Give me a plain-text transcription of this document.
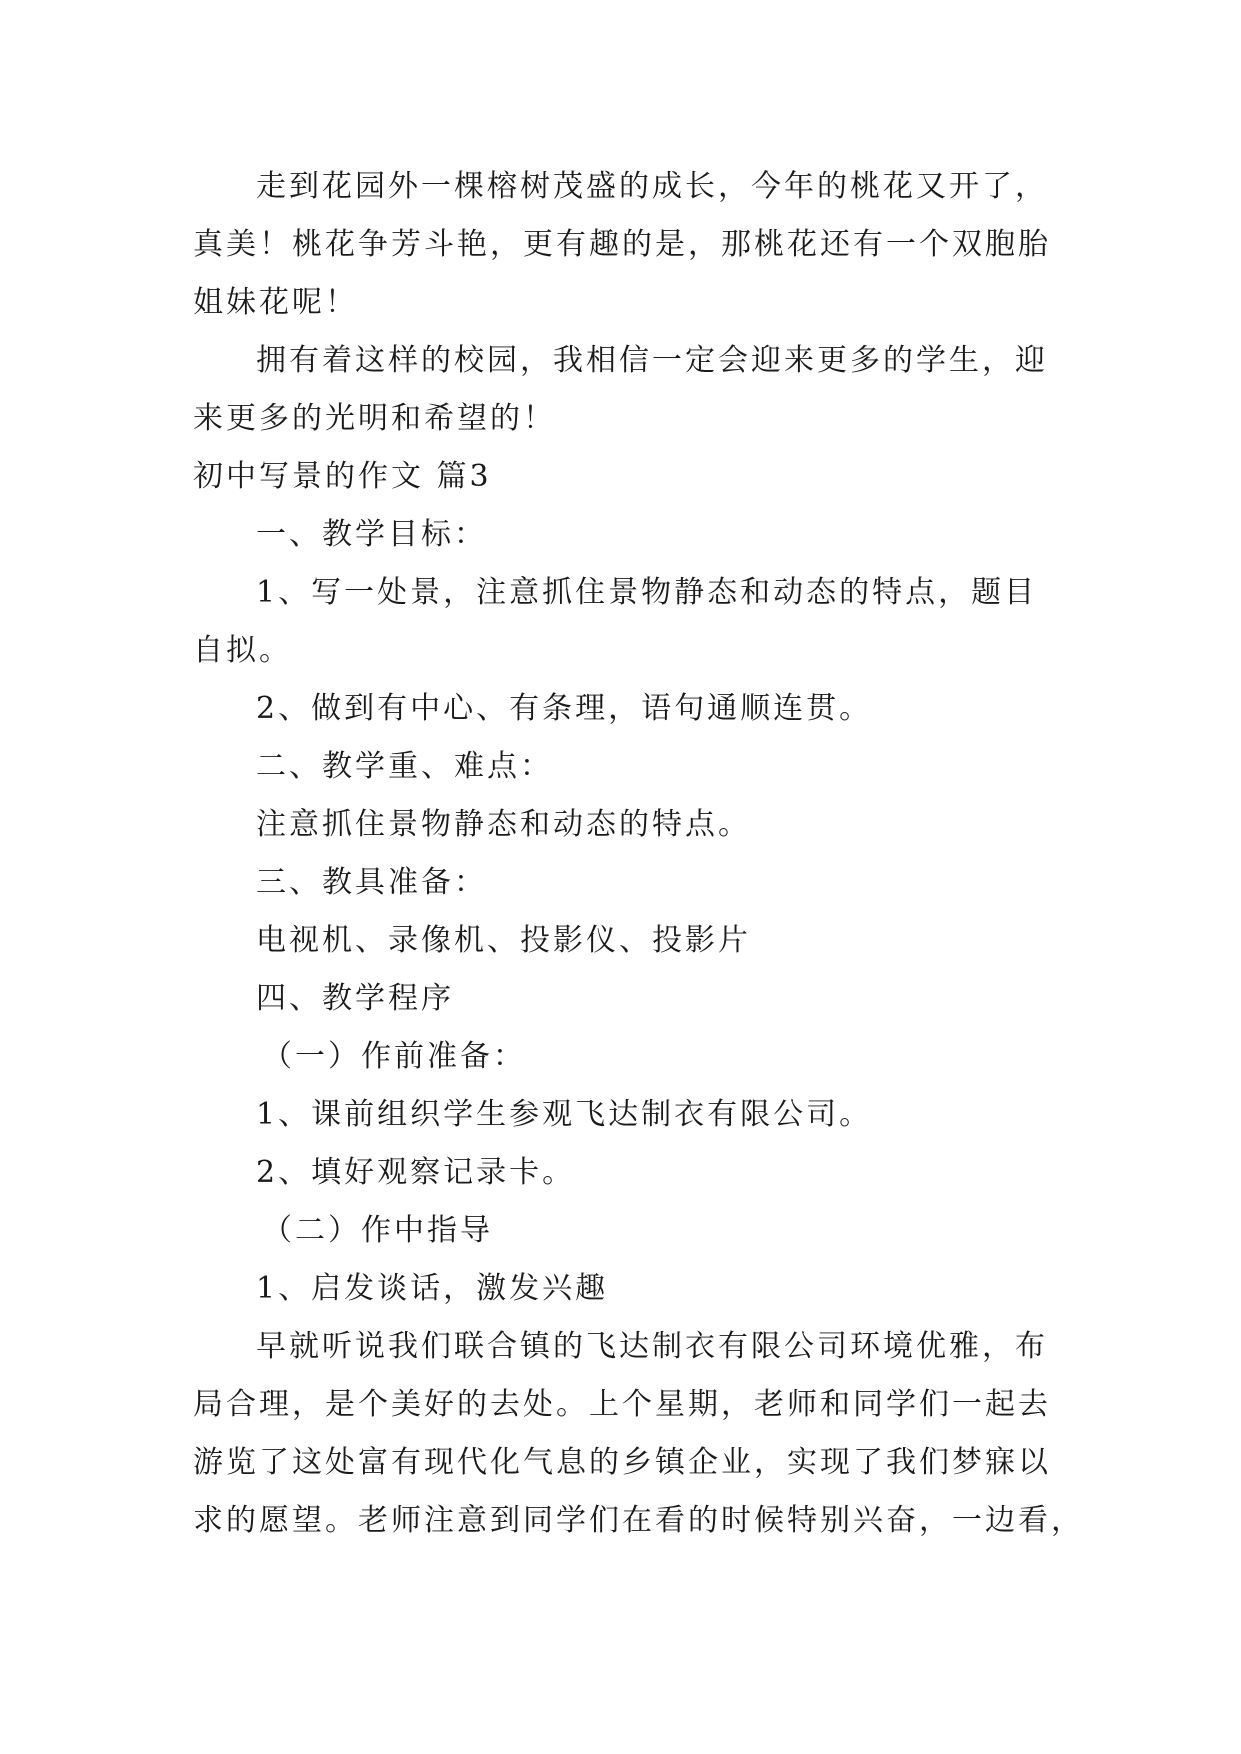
走到花园外一棵榕树茂盛的成长，今年的桃花又开了，

真美！桃花争芳斗艳，更有趣的是，那桃花还有一个双胞胎

姐妹花呢！

拥有着这样的校园，我相信一定会迎来更多的学生，迎

来更多的光明和希望的！

初中写景的作文 篇3

一、教学目标：

1、写一处景，注意抓住景物静态和动态的特点，题目

自拟。

2、做到有中心、有条理，语句通顺连贯。

二、教学重、难点：

注意抓住景物静态和动态的特点。

三、教具准备：

电视机、录像机、投影仪、投影片

四、教学程序

（一）作前准备：

1、课前组织学生参观飞达制衣有限公司。

2、填好观察记录卡。

（二）作中指导

1、启发谈话，激发兴趣

早就听说我们联合镇的飞达制衣有限公司环境优雅，布

局合理，是个美好的去处。上个星期，老师和同学们一起去

游览了这处富有现代化气息的乡镇企业，实现了我们梦寐以

求的愿望。老师注意到同学们在看的时候特别兴奋，一边看，
